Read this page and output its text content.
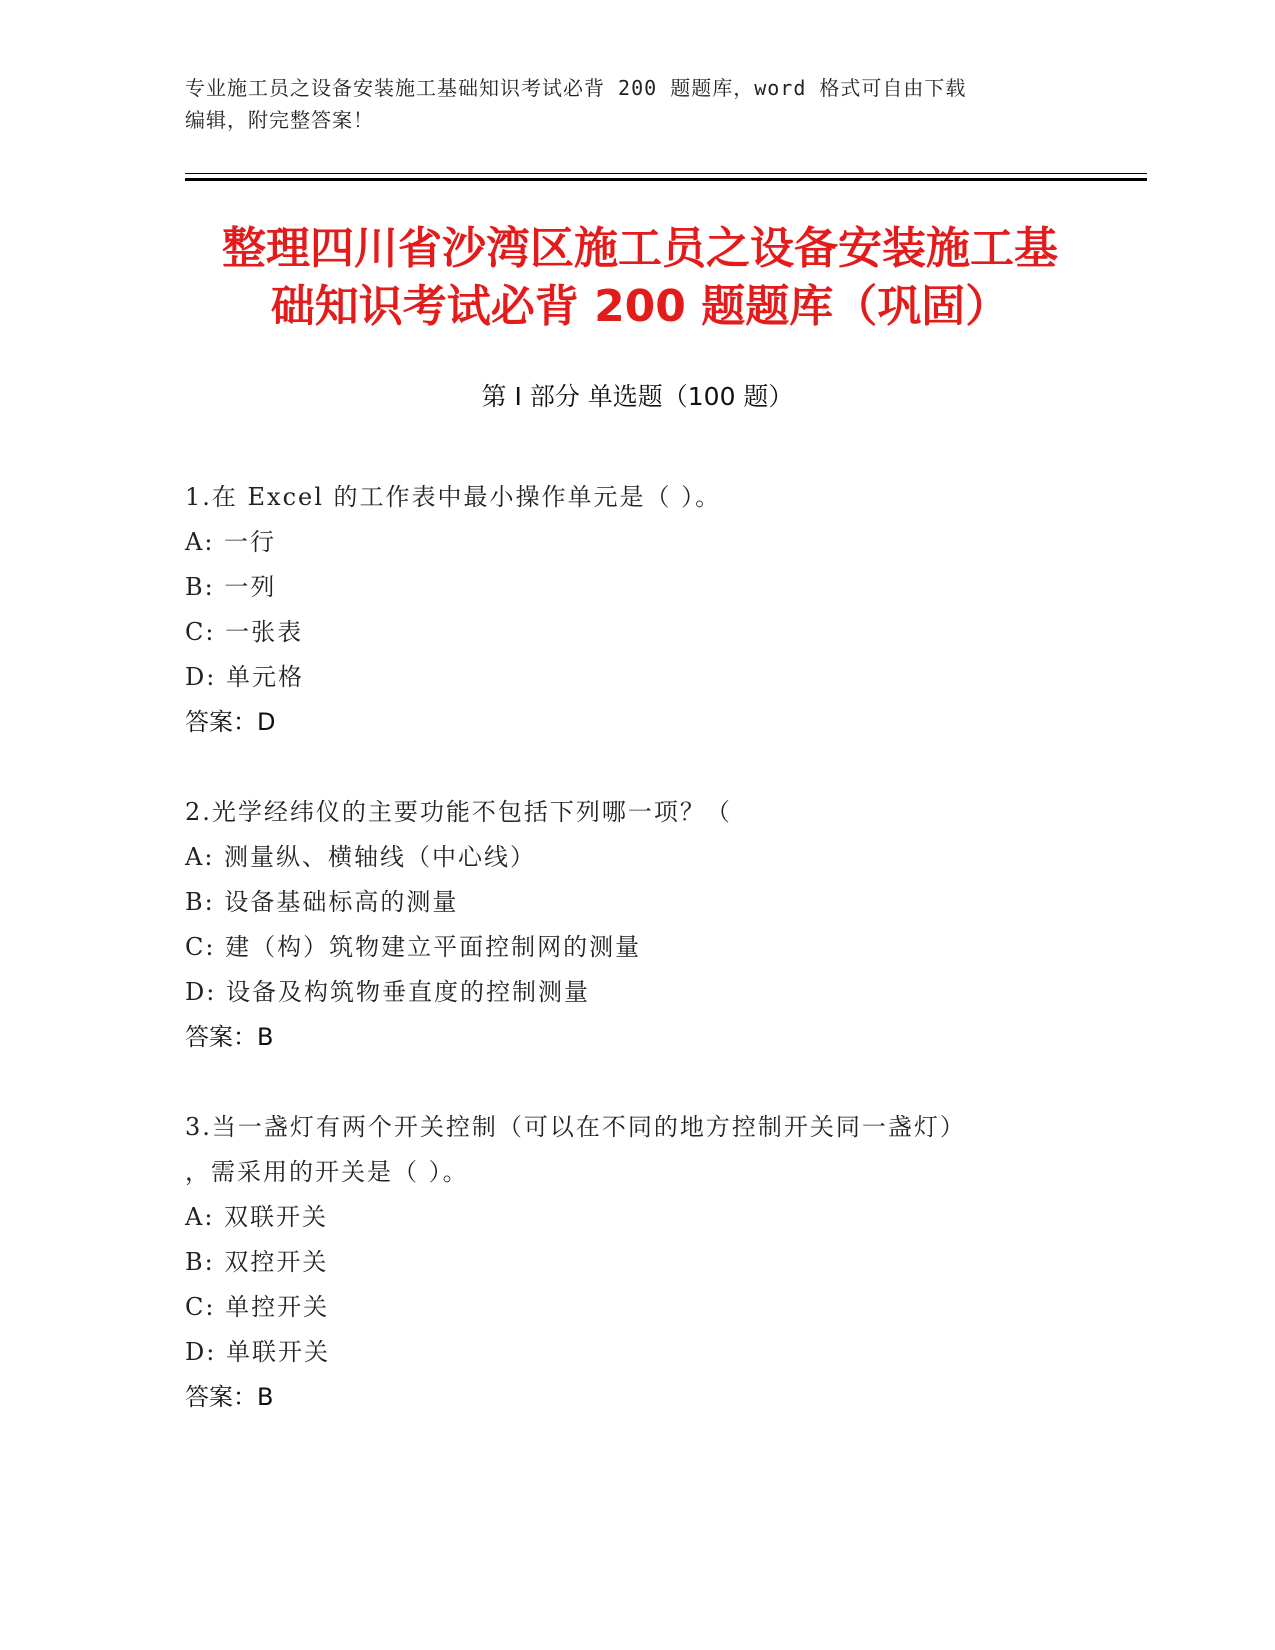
专业施工员之设备安装施工基础知识考试必背 200 题题库，word 格式可自由下载
编辑，附完整答案！
整理四川省沙湾区施工员之设备安装施工基
础知识考试必背 200 题题库（巩固）
第 I 部分 单选题（100 题）
1.在 Excel 的工作表中最小操作单元是（ ）。
A: 一行
B: 一列
C: 一张表
D: 单元格
答案：D
2.光学经纬仪的主要功能不包括下列哪一项？（
A: 测量纵、横轴线（中心线）
B: 设备基础标高的测量
C: 建（构）筑物建立平面控制网的测量
D: 设备及构筑物垂直度的控制测量
答案：B
3.当一盏灯有两个开关控制（可以在不同的地方控制开关同一盏灯）
，需采用的开关是（ ）。
A: 双联开关
B: 双控开关
C: 单控开关
D: 单联开关
答案：B
